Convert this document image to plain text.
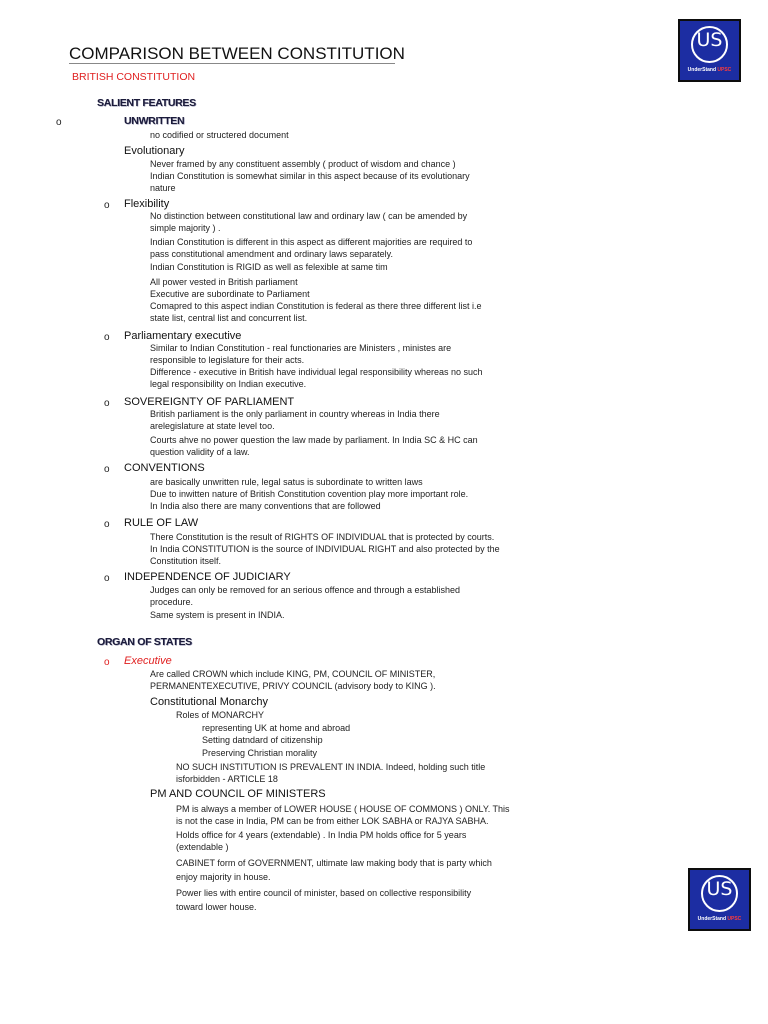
COMPARISON BETWEEN CONSTITUTION
BRITISH CONSTITUTION
US
UnderStand UPSC
US
UnderStand UPSC
SALIENT FEATURES
o	UNWRITTEN
no codified or structered document
Evolutionary
Never framed by any constituent assembly ( product of wisdom and chance )
Indian Constitution is somewhat similar in this aspect because of its evolutionary
nature
o Flexibility
No distinction between constitutional law and ordinary law ( can be amended by
simple majority ) .
Indian Constitution is different in this aspect as different majorities are required to
pass constitutional amendment and ordinary laws separately.
Indian Constitution is RIGID as well as felexible at same tim
All power vested in British parliament
Executive are subordinate to Parliament
Comapred to this aspect indian Constitution is federal as there three different list i.e
state list, central list and concurrent list.
o Parliamentary executive
Similar to Indian Constitution - real functionaries are Ministers , ministes are
responsible to legislature for their acts.
Difference - executive in British have individual legal responsibility whereas no such
legal responsibility on Indian executive.
o SOVEREIGNTY OF PARLIAMENT
British parliament is the only parliament in country whereas in India there
arelegislature at state level too.
Courts ahve no power question the law made by parliament. In India SC & HC can
question validity of a law.
o CONVENTIONS
are basically unwritten rule, legal satus is subordinate to written laws
Due to inwitten nature of British Constitution covention play more important role.
In India also there are many conventions that are followed
o RULE OF LAW
There Constitution is the result of RIGHTS OF INDIVIDUAL that is protected by courts.
In India CONSTITUTION is the source of INDIVIDUAL RIGHT and also protected by the
Constitution itself.
o INDEPENDENCE OF JUDICIARY
Judges can only be removed for an serious offence and through a established
procedure.
Same system is present in INDIA.
ORGAN OF STATES
o Executive
Are called CROWN which include KING, PM, COUNCIL OF MINISTER,
PERMANENTEXECUTIVE, PRIVY COUNCIL (advisory body to KING ).
Constitutional Monarchy
Roles of MONARCHY
representing UK at home and abroad
Setting datndard of citizenship
Preserving Christian morality
NO SUCH INSTITUTION IS PREVALENT IN INDIA. Indeed, holding such title
isforbidden - ARTICLE 18
PM AND COUNCIL OF MINISTERS
PM is always a member of LOWER HOUSE ( HOUSE OF COMMONS ) ONLY. This
is not the case in India, PM can be from either LOK SABHA or RAJYA SABHA.
Holds office for 4 years (extendable) . In India PM holds office for 5 years
(extendable )
CABINET form of GOVERNMENT, ultimate law making body that is party which
enjoy majority in house.
Power lies with entire council of minister, based on collective responsibility
toward lower house.
